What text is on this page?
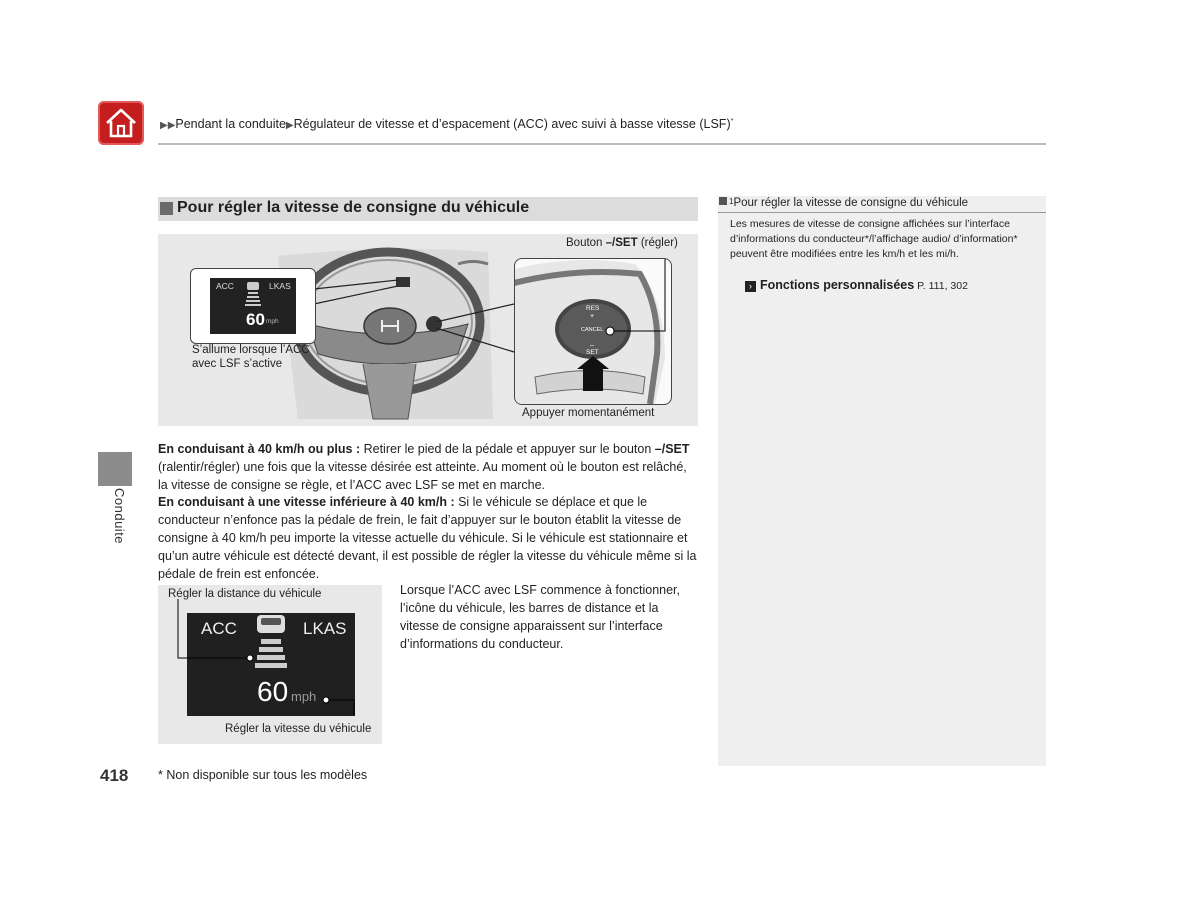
▶▶Pendant la conduite▶Régulateur de vitesse et d’espacement (ACC) avec suivi à basse vitesse (LSF)*
Conduite
Pour régler la vitesse de consigne du véhicule
ACC	LKAS
60 mph
S’allume lorsque l’ACC avec LSF s’active
Bouton –/SET (régler)
RES
+
CANCEL
–
SET
Appuyer momentanément
En conduisant à 40 km/h ou plus : Retirer le pied de la pédale et appuyer sur le bouton –/SET (ralentir/régler) une fois que la vitesse désirée est atteinte. Au moment où le bouton est relâché, la vitesse de consigne se règle, et l’ACC avec LSF se met en marche.
En conduisant à une vitesse inférieure à 40 km/h : Si le véhicule se déplace et que le conducteur n’enfonce pas la pédale de frein, le fait d’appuyer sur le bouton établit la vitesse de consigne à 40 km/h peu importe la vitesse actuelle du véhicule. Si le véhicule est stationnaire et qu’un autre véhicule est détecté devant, il est possible de régler la vitesse du véhicule même si la pédale de frein est enfoncée.
ACC	LKAS
60 mph
Régler la distance du véhicule
Régler la vitesse du véhicule
Lorsque l’ACC avec LSF commence à fonctionner, l’icône du véhicule, les barres de distance et la vitesse de consigne apparaissent sur l’interface d’informations du conducteur.
1Pour régler la vitesse de consigne du véhicule
Les mesures de vitesse de consigne affichées sur l’interface d’informations du conducteur*/l’affichage audio/ d’information* peuvent être modifiées entre les km/h et les mi/h.
› Fonctions personnalisées P. 111, 302
418 * Non disponible sur tous les modèles
